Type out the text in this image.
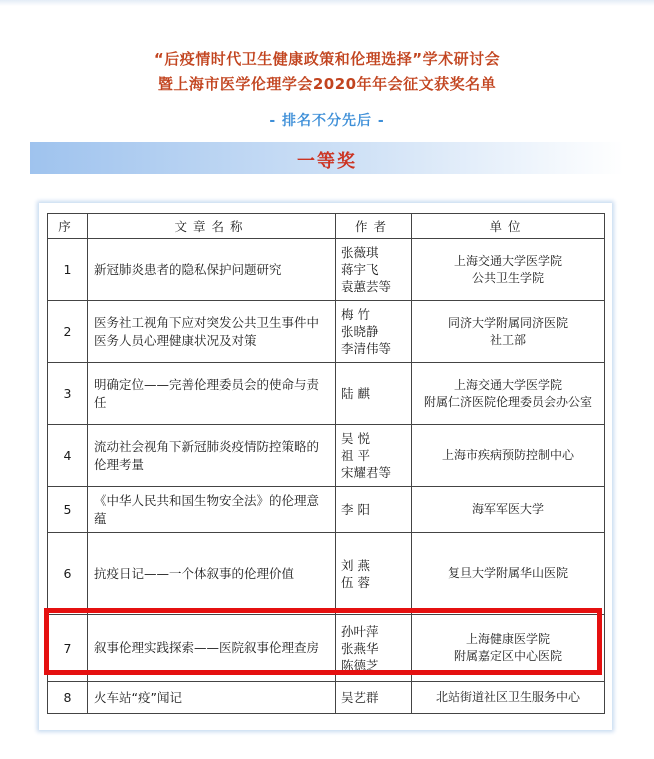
“后疫情时代卫生健康政策和伦理选择”学术研讨会
暨上海市医学伦理学会2020年年会征文获奖名单
- 排名不分先后 -
一等奖
序	文章名称	作者	单位
1	新冠肺炎患者的隐私保护问题研究	张薇琪
蒋宇飞
袁蕙芸等	上海交通大学医学院
公共卫生学院

2	医务社工视角下应对突发公共卫生事件中医务人员心理健康状况及对策	梅 竹
张晓静
李清伟等	同济大学附属同济医院
社工部

3	明确定位——完善伦理委员会的使命与责任	陆 麒	上海交通大学医学院
附属仁济医院伦理委员会办公室

4	流动社会视角下新冠肺炎疫情防控策略的伦理考量	吴 悦
祖 平
宋耀君等	上海市疾病预防控制中心

5	《中华人民共和国生物安全法》的伦理意蕴	李 阳	海军军医大学

6	抗疫日记——一个体叙事的伦理价值	刘 燕
伍 蓉	复旦大学附属华山医院

7	叙事伦理实践探索——医院叙事伦理查房	孙叶萍
张燕华
陈德芝	上海健康医学院
附属嘉定区中心医院

8	火车站“疫”闻记	吴艺群	北站街道社区卫生服务中心
